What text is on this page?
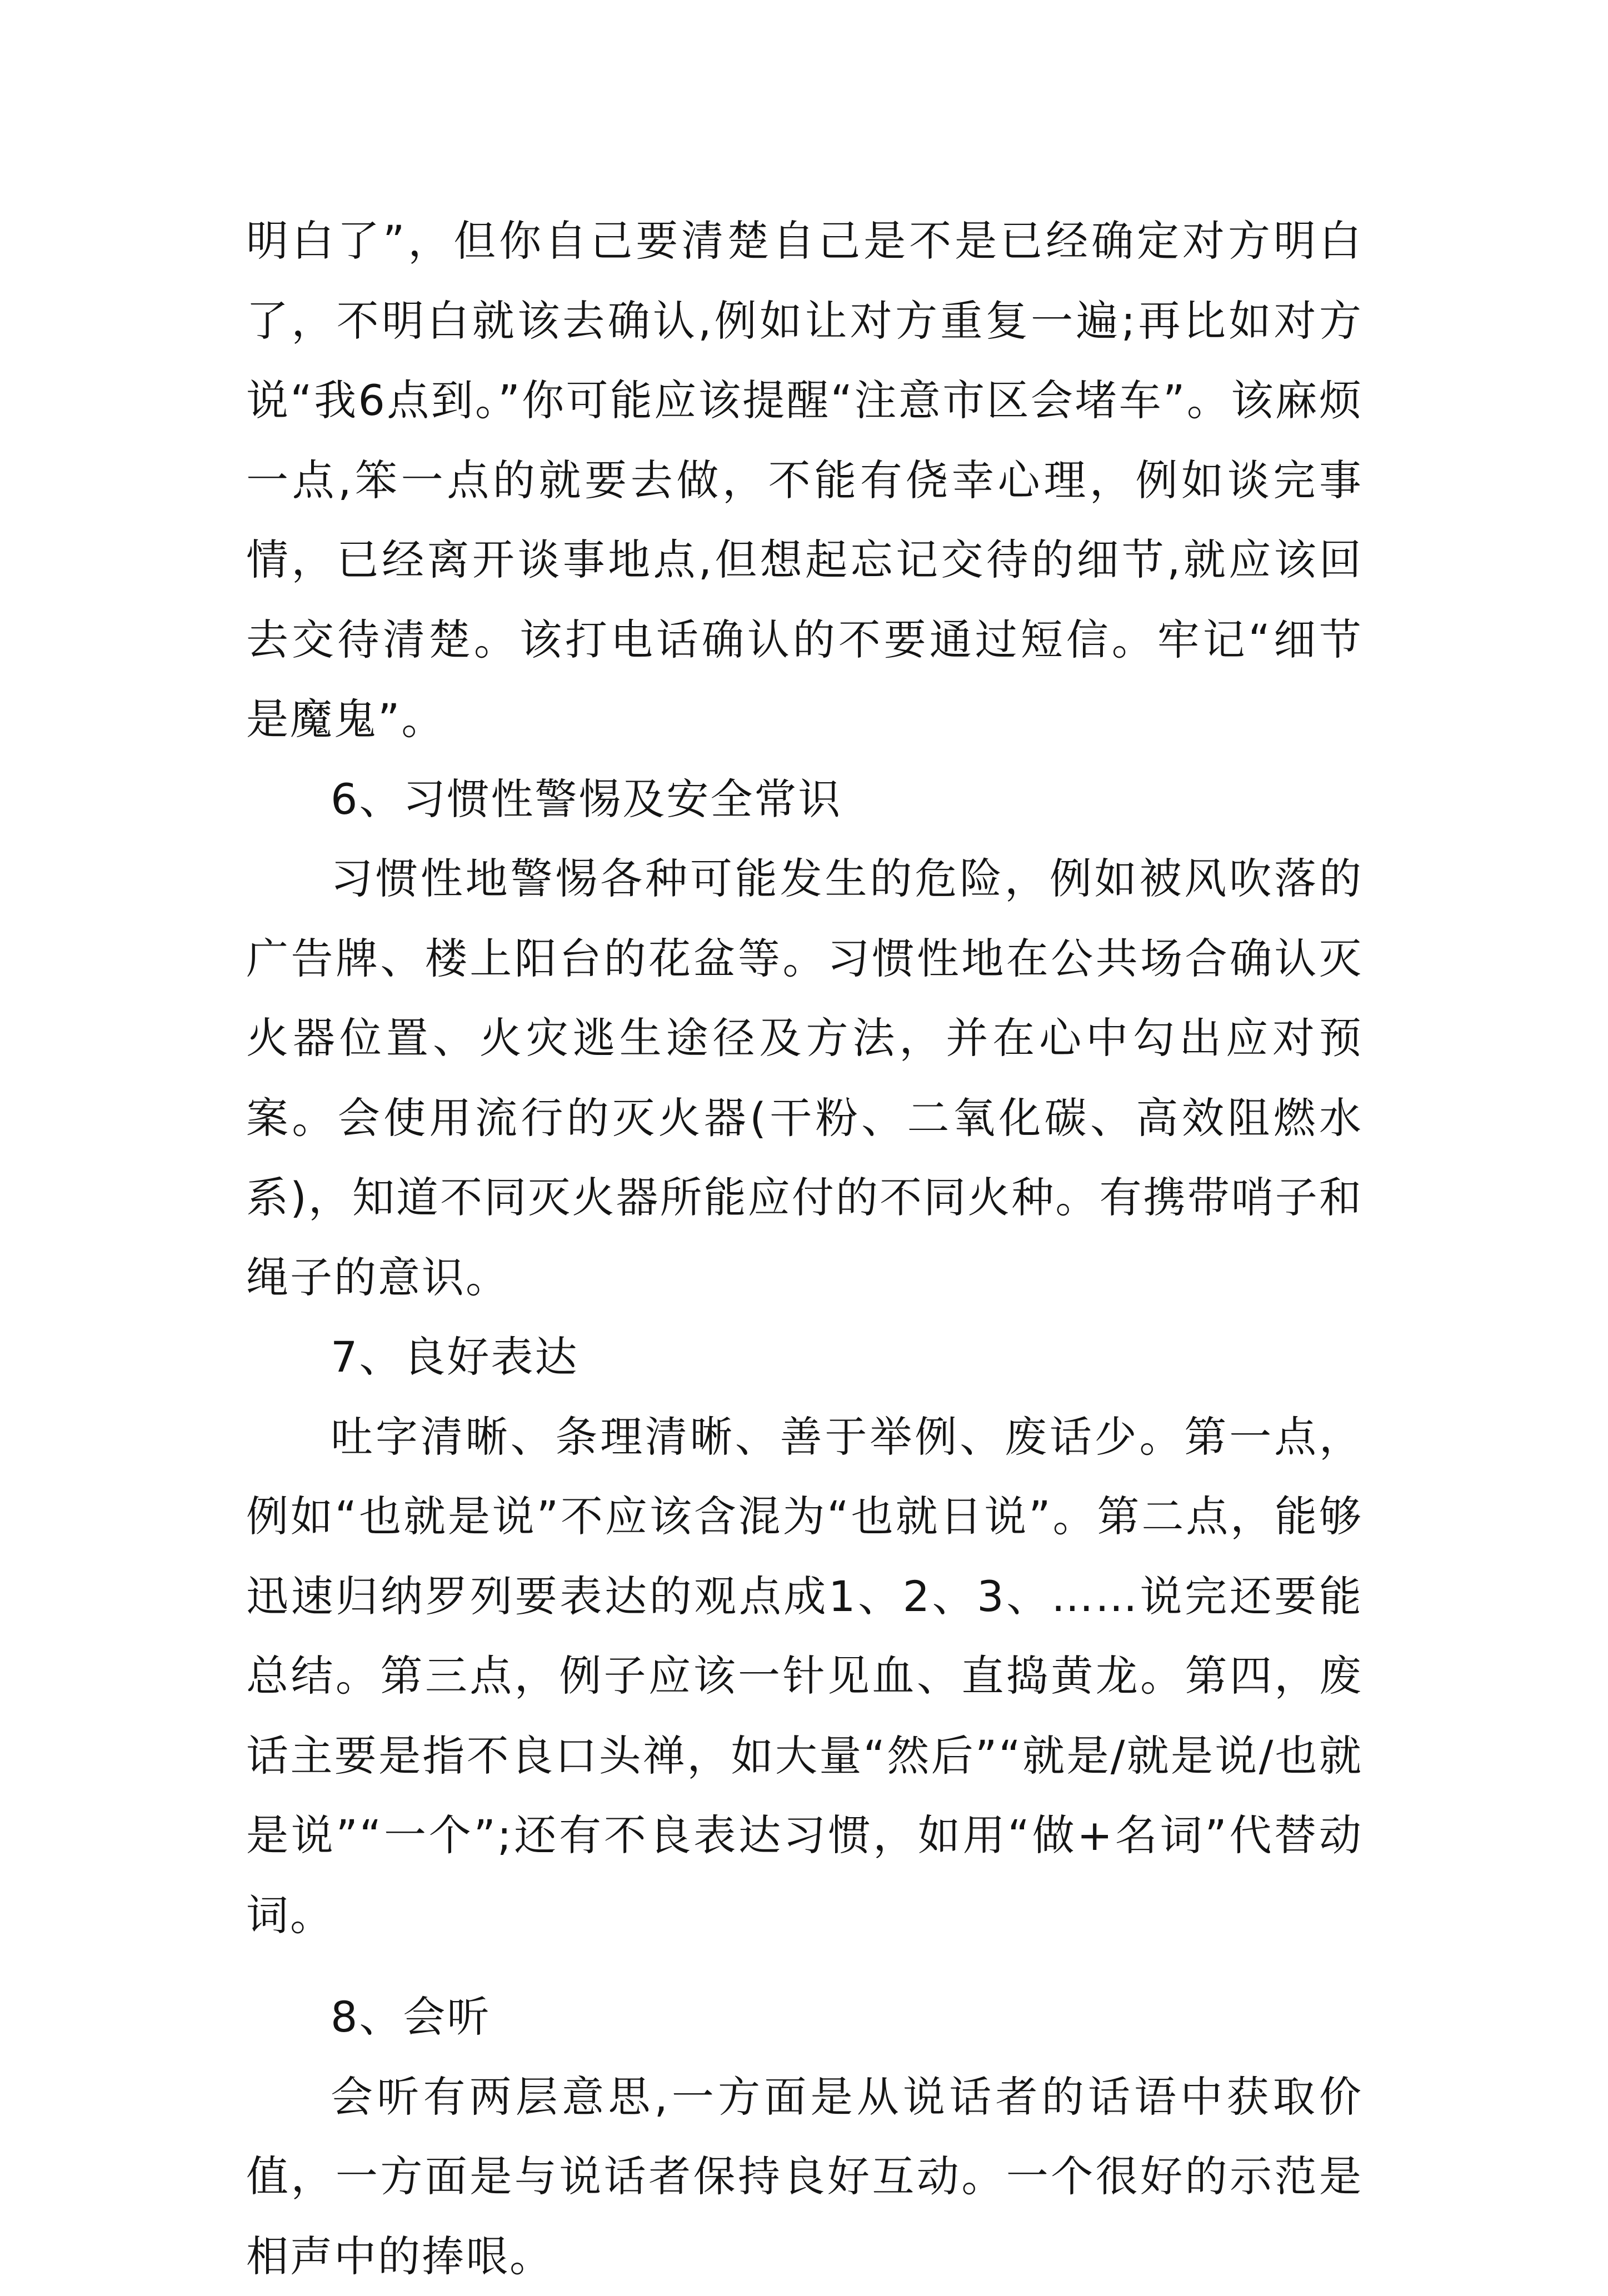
明白了”，但你自己要清楚自己是不是已经确定对方明白了，不明白就该去确认,例如让对方重复一遍;再比如对方说“我6点到。”你可能应该提醒“注意市区会堵车”。该麻烦一点,笨一点的就要去做，不能有侥幸心理，例如谈完事情，已经离开谈事地点,但想起忘记交待的细节,就应该回去交待清楚。该打电话确认的不要通过短信。牢记“细节是魔鬼”。

6、习惯性警惕及安全常识

习惯性地警惕各种可能发生的危险，例如被风吹落的广告牌、楼上阳台的花盆等。习惯性地在公共场合确认灭火器位置、火灾逃生途径及方法，并在心中勾出应对预案。会使用流行的灭火器(干粉、二氧化碳、高效阻燃水系)，知道不同灭火器所能应付的不同火种。有携带哨子和绳子的意识。

7、良好表达

吐字清晰、条理清晰、善于举例、废话少。第一点，例如“也就是说”不应该含混为“也就日说”。第二点，能够迅速归纳罗列要表达的观点成1、2、3、……说完还要能总结。第三点，例子应该一针见血、直捣黄龙。第四，废话主要是指不良口头禅，如大量“然后”“就是/就是说/也就是说”“一个”;还有不良表达习惯，如用“做+名词”代替动词。

8、会听

会听有两层意思,一方面是从说话者的话语中获取价值，一方面是与说话者保持良好互动。一个很好的示范是相声中的捧哏。
